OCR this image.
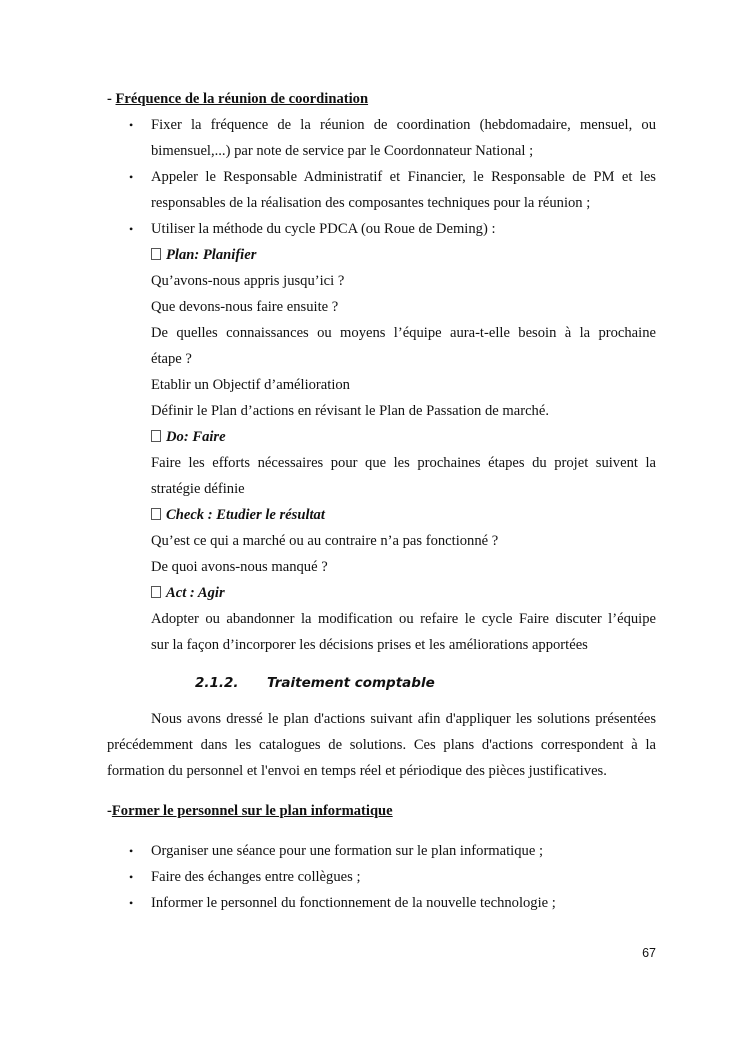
- Fréquence de la réunion de coordination
• Fixer la fréquence de la réunion de coordination (hebdomadaire, mensuel, ou
bimensuel,...) par note de service par le Coordonnateur National ;
• Appeler le Responsable Administratif et Financier, le Responsable de PM et les
responsables de la réalisation des composantes techniques pour la réunion ;
• Utiliser la méthode du cycle PDCA (ou Roue de Deming) :
Plan: Planifier
Qu’avons-nous appris jusqu’ici ?
Que devons-nous faire ensuite ?
De quelles connaissances ou moyens l’équipe aura-t-elle besoin à la prochaine
étape ?
Etablir un Objectif d’amélioration
Définir le Plan d’actions en révisant le Plan de Passation de marché.
Do: Faire
Faire les efforts nécessaires pour que les prochaines étapes du projet suivent la
stratégie définie
Check : Etudier le résultat
Qu’est ce qui a marché ou au contraire n’a pas fonctionné ?
De quoi avons-nous manqué ?
Act : Agir
Adopter ou abandonner la modification ou refaire le cycle Faire discuter l’équipe
sur la façon d’incorporer les décisions prises et les améliorations apportées
2.1.2. Traitement comptable
Nous avons dressé le plan d'actions suivant afin d'appliquer les solutions présentées
précédemment dans les catalogues de solutions. Ces plans d'actions correspondent à la
formation du personnel et l'envoi en temps réel et périodique des pièces justificatives.
-Former le personnel sur le plan informatique
• Organiser une séance pour une formation sur le plan informatique ;
• Faire des échanges entre collègues ;
• Informer le personnel du fonctionnement de la nouvelle technologie ;
67
